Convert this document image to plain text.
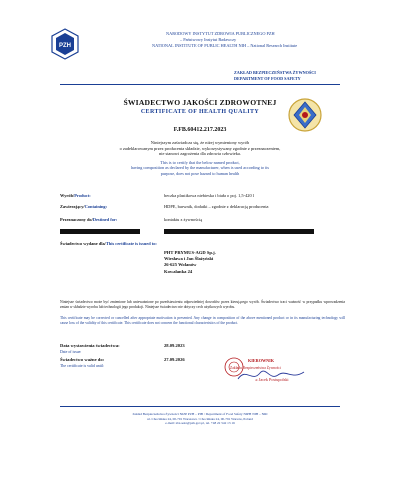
PZH
NARODOWY INSTYTUT ZDROWIA PUBLICZNEGO PZH
– Państwowy Instytut Badawczy
NATIONAL INSTITUTE OF PUBLIC HEALTH NIH – National Research Institute
ZAKŁAD BEZPIECZEŃSTWA ŻYWNOŚCI
DEPARTMENT OF FOOD SAFETY
ŚWIADECTWO JAKOŚCI ZDROWOTNEJ
CERTIFICATE OF HEALTH QUALITY
F.FB.60412.217.2023
Niniejszym zaświadcza się, że niżej wymieniony wyrób
o zadeklarowanym przez producenta składzie, wykorzystywany zgodnie z przeznaczeniem,
nie stanowi zagrożenia dla zdrowia człowieka.
This is to certify that the below named product,
having composition as declared by the manufacturer, when is used according to its
purpose, does not pose hazard to human health
Wyrób/Product:	beczka plastikowa niebieska i biała o poj. 1,5-420 l
Zawierający/Containing:	HDPE, barwnik, dodatki – zgodnie z deklaracją producenta
Przeznaczony do/Destined for:	kontaktu z żywnością
Świadectwo wydane dla/This certificate is issued to:
PHT PRYMUS-AGD Sp.j.
Wiesława i Jan Ślażyński
26-625 Wolanów
Kowalanka 24
Niniejsze świadectwo może być zmienione lub unieważnione po przedstawieniu odpowiedniej dowodów przez kierującego wyrób. Świadectwo traci ważność w przypadku wprowadzenia zmian w składzie wyrobu lub technologii jego produkcji. Niniejsze świadectwo nie dotyczy cech użytkowych wyrobu.
This certificate may be corrected or cancelled after appropriate motivation is presented. Any change in composition of the above mentioned product or in its manufacturing technology will cause loss of the validity of this certificate. This certificate does not concern the functional characteristics of the product.
Data wystawienia świadectwa:	28.09.2023
Date of issue:
Świadectwo ważne do:	27.09.2026
The certificate is valid until:
KIEROWNIK
Zakładu Bezpieczeństwa Żywności
dr Jacek Postupolski
Zakład Bezpieczeństwa Żywności NIZP PZH – PIB / Department of Food Safety NIPH NIH – NRI
ul. Chocimska 24, 00-791 Warszawa / Chocimska 24, 00-791 Warsaw, Poland
e-mail: zbz.sekr@pzh.gov.pl, tel. +48 22 542 13 16
